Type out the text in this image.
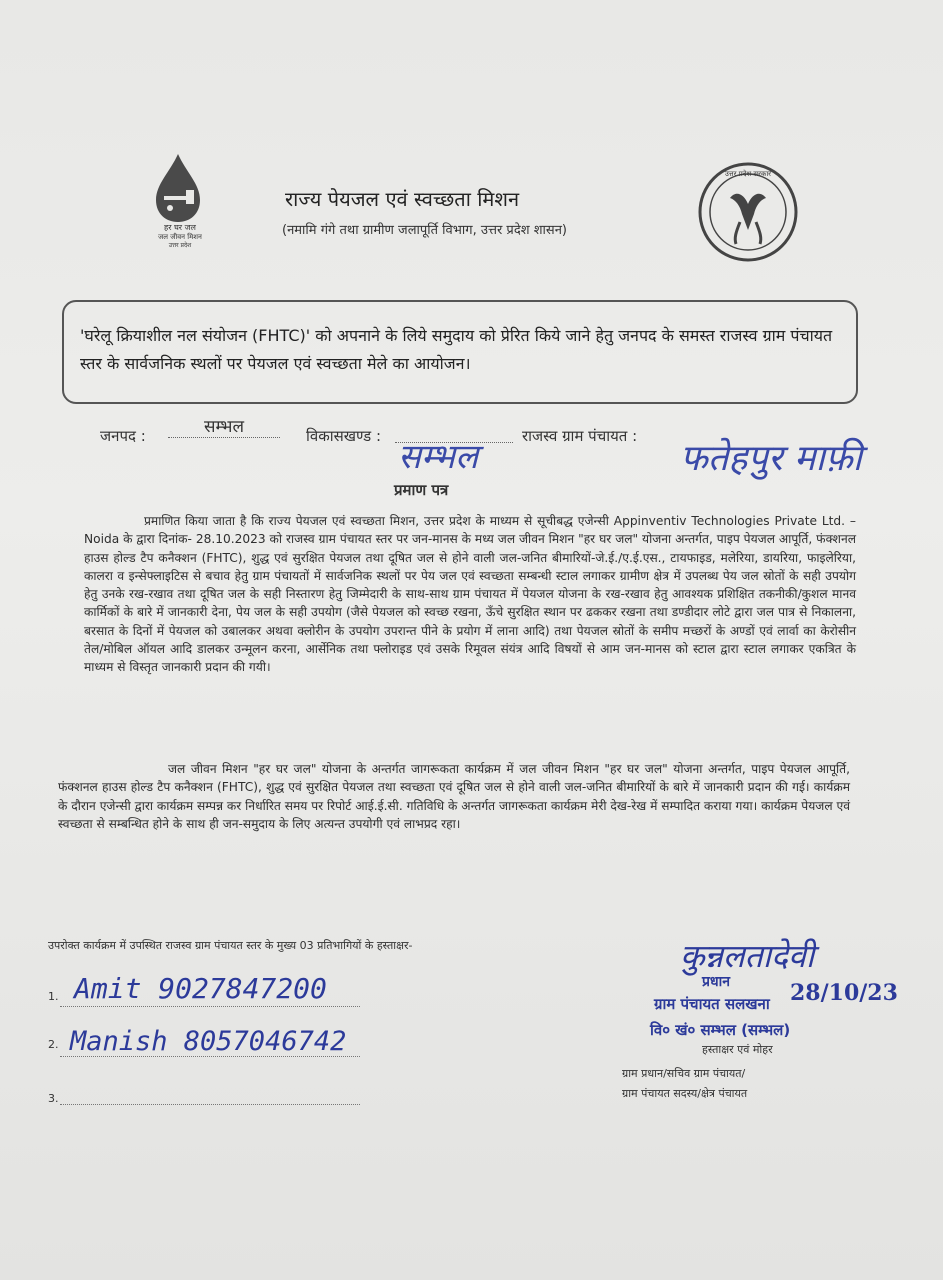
हर घर जल
जल जीवन मिशन
उत्तर प्रदेश
राज्य पेयजल एवं स्वच्छता मिशन
(नमामि गंगे तथा ग्रामीण जलापूर्ति विभाग, उत्तर प्रदेश शासन)
उत्तर प्रदेश सरकार
'घरेलू क्रियाशील नल संयोजन (FHTC)' को अपनाने के लिये समुदाय को प्रेरित किये जाने हेतु जनपद के समस्त राजस्व ग्राम पंचायत स्तर के सार्वजनिक स्थलों पर पेयजल एवं स्वच्छता मेले का आयोजन।
जनपद :	सम्भल	विकासखण्ड :
सम्भल
राजस्व ग्राम पंचायत :
फतेहपुर माफ़ी
प्रमाण पत्र
प्रमाणित किया जाता है कि राज्य पेयजल एवं स्वच्छता मिशन, उत्तर प्रदेश के माध्यम से सूचीबद्ध एजेन्सी Appinventiv Technologies Private Ltd. – Noida के द्वारा दिनांक- 28.10.2023 को राजस्व ग्राम पंचायत स्तर पर जन-मानस के मध्य जल जीवन मिशन "हर घर जल" योजना अन्तर्गत, पाइप पेयजल आपूर्ति, फंक्शनल हाउस होल्ड टैप कनैक्शन (FHTC), शुद्ध एवं सुरक्षित पेयजल तथा दूषित जल से होने वाली जल-जनित बीमारियों-जे.ई./ए.ई.एस., टायफाइड, मलेरिया, डायरिया, फाइलेरिया, कालरा व इन्सेफ्लाइटिस से बचाव हेतु ग्राम पंचायतों में सार्वजनिक स्थलों पर पेय जल एवं स्वच्छता सम्बन्धी स्टाल लगाकर ग्रामीण क्षेत्र में उपलब्ध पेय जल स्रोतों के सही उपयोग हेतु उनके रख-रखाव तथा दूषित जल के सही निस्तारण हेतु जिम्मेदारी के साथ-साथ ग्राम पंचायत में पेयजल योजना के रख-रखाव हेतु आवश्यक प्रशिक्षित तकनीकी/कुशल मानव कार्मिकों के बारे में जानकारी देना, पेय जल के सही उपयोग (जैसे पेयजल को स्वच्छ रखना, ऊँचे सुरक्षित स्थान पर ढककर रखना तथा डण्डीदार लोटे द्वारा जल पात्र से निकालना, बरसात के दिनों में पेयजल को उबालकर अथवा क्लोरीन के उपयोग उपरान्त पीने के प्रयोग में लाना आदि) तथा पेयजल स्रोतों के समीप मच्छरों के अण्डों एवं लार्वा का केरोसीन तेल/मोबिल ऑयल आदि डालकर उन्मूलन करना, आर्सेनिक तथा फ्लोराइड एवं उसके रिमूवल संयंत्र आदि विषयों से आम जन-मानस को स्टाल द्वारा स्टाल लगाकर एकत्रित के माध्यम से विस्तृत जानकारी प्रदान की गयी।
जल जीवन मिशन "हर घर जल" योजना के अन्तर्गत जागरूकता कार्यक्रम में जल जीवन मिशन "हर घर जल" योजना अन्तर्गत, पाइप पेयजल आपूर्ति, फंक्शनल हाउस होल्ड टैप कनैक्शन (FHTC), शुद्ध एवं सुरक्षित पेयजल तथा स्वच्छता एवं दूषित जल से होने वाली जल-जनित बीमारियों के बारे में जानकारी प्रदान की गई। कार्यक्रम के दौरान एजेन्सी द्वारा कार्यक्रम सम्पन्न कर निर्धारित समय पर रिपोर्ट आई.ई.सी. गतिविधि के अन्तर्गत जागरूकता कार्यक्रम मेरी देख-रेख में सम्पादित कराया गया। कार्यक्रम पेयजल एवं स्वच्छता से सम्बन्धित होने के साथ ही जन-समुदाय के लिए अत्यन्त उपयोगी एवं लाभप्रद रहा।
उपरोक्त कार्यक्रम में उपस्थित राजस्व ग्राम पंचायत स्तर के मुख्य 03 प्रतिभागियों के हस्ताक्षर-
1. Amit 9027847200
2. Manish 8057046742
3.
कुन्नलतादेवी
प्रधान	28/10/23
ग्राम पंचायत सलखना
वि० खं० सम्भल (सम्भल)
हस्ताक्षर एवं मोहर
ग्राम प्रधान/सचिव ग्राम पंचायत/
ग्राम पंचायत सदस्य/क्षेत्र पंचायत
